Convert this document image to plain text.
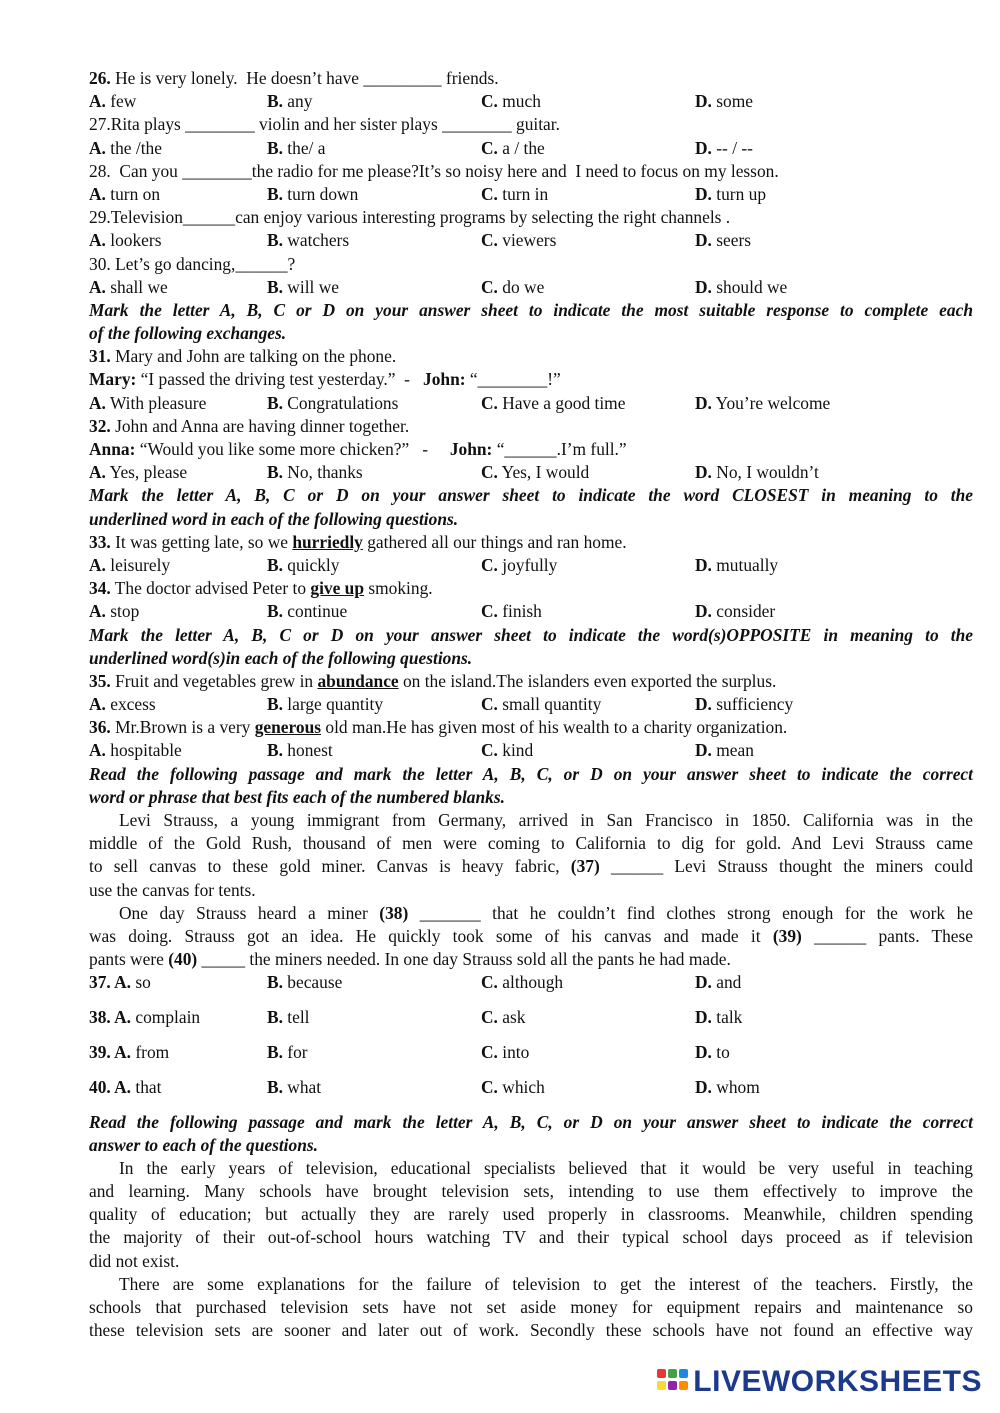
26. He is very lonely.  He doesn’t have _________ friends.
A. few	B. any	C. much	D. some
27.Rita plays ________ violin and her sister plays ________ guitar.
A. the /the	B. the/ a	C. a / the	D. -- / --
28.  Can you ________the radio for me please?It’s so noisy here and  I need to focus on my lesson.
A. turn on	B. turn down	C. turn in	D. turn up
29.Television______can enjoy various interesting programs by selecting the right channels .
A. lookers	B. watchers	C. viewers	D. seers
30. Let’s go dancing,______?
A. shall we	B. will we	C. do we	D. should we
Mark the letter A, B, C or D on your answer sheet to indicate the most suitable response to complete each
of the following exchanges.
31. Mary and John are talking on the phone.
Mary: “I passed the driving test yesterday.”  -   John: “________!”
A. With pleasure	B. Congratulations	C. Have a good time	D. You’re welcome
32. John and Anna are having dinner together.
Anna: “Would you like some more chicken?”   -     John: “______.I’m full.”
A. Yes, please	B. No, thanks	C. Yes, I would	D. No, I wouldn’t
Mark the letter A, B, C or D on your answer sheet to indicate the word CLOSEST in meaning to the
underlined word in each of the following questions.
33. It was getting late, so we hurriedly gathered all our things and ran home.
A. leisurely	B. quickly	C. joyfully	D. mutually
34. The doctor advised Peter to give up smoking.
A. stop	B. continue	C. finish	D. consider
Mark the letter A, B, C or D on your answer sheet to indicate the word(s)OPPOSITE in meaning to the
underlined word(s)in each of the following questions.
35. Fruit and vegetables grew in abundance on the island.The islanders even exported the surplus.
A. excess	B. large quantity	C. small quantity	D. sufficiency
36. Mr.Brown is a very generous old man.He has given most of his wealth to a charity organization.
A. hospitable	B. honest	C. kind	D. mean
Read the following passage and mark the letter A, B, C, or D on your answer sheet to indicate the correct
word or phrase that best fits each of the numbered blanks.
Levi Strauss, a young immigrant from Germany, arrived in San Francisco in 1850. California was in the
middle of the Gold Rush, thousand of men were coming to California to dig for gold. And Levi Strauss came
to sell canvas to these gold miner. Canvas is heavy fabric, (37) ______ Levi Strauss thought the miners could
use the canvas for tents.
One day Strauss heard a miner (38) _______ that he couldn’t find clothes strong enough for the work he
was doing. Strauss got an idea. He quickly took some of his canvas and made it (39) ______ pants. These
pants were (40) _____ the miners needed. In one day Strauss sold all the pants he had made.
37. A. so	B. because	C. although	D. and
38. A. complain	B. tell	C. ask	D. talk
39. A. from	B. for	C. into	D. to
40. A. that	B. what	C. which	D. whom
Read the following passage and mark the letter A, B, C, or D on your answer sheet to indicate the correct
answer to each of the questions.
In the early years of television, educational specialists believed that it would be very useful in teaching
and learning. Many schools have brought television sets, intending to use them effectively to improve the
quality of education; but actually they are rarely used properly in classrooms. Meanwhile, children spending
the majority of their out-of-school hours watching TV and their typical school days proceed as if television
did not exist.
There are some explanations for the failure of television to get the interest of the teachers. Firstly, the
schools that purchased television sets have not set aside money for equipment repairs and maintenance so
these television sets are sooner and later out of work. Secondly these schools have not found an effective way
LIVEWORKSHEETS
